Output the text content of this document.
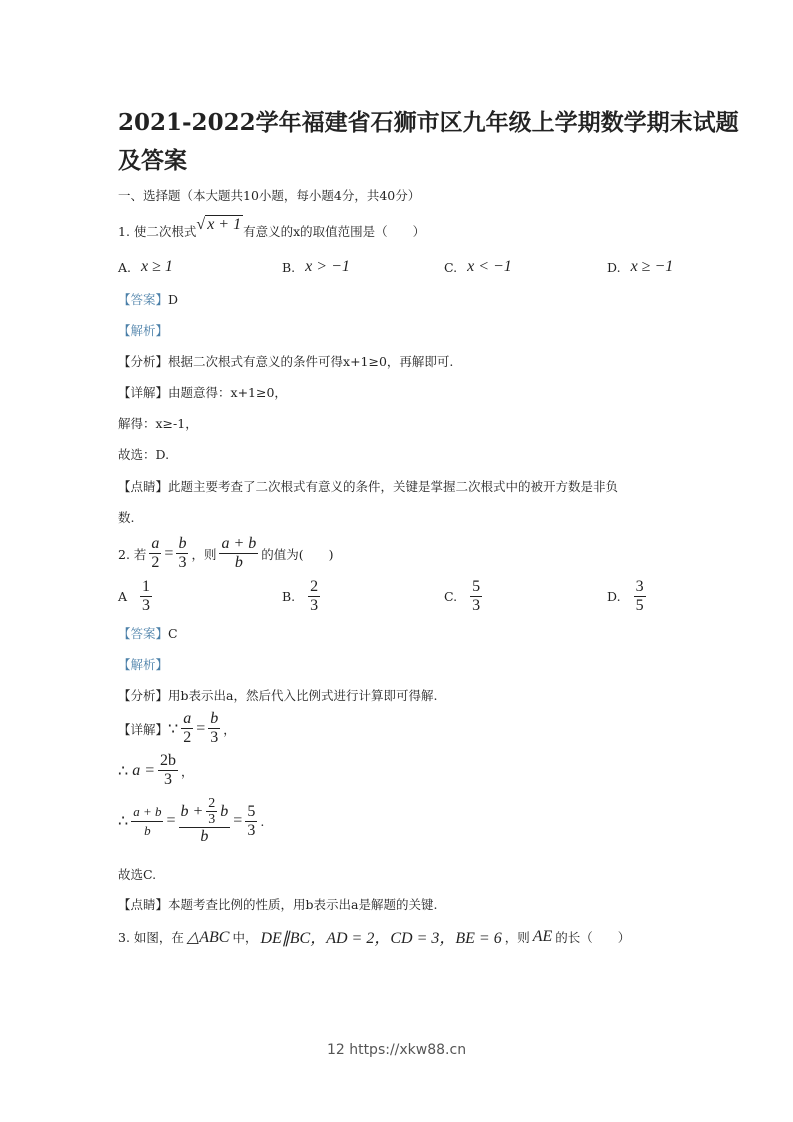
2021-2022学年福建省石狮市区九年级上学期数学期末试题
及答案
一、选择题（本大题共10小题，每小题4分，共40分）
1. 使二次根式 √ x + 1 有意义的x的取值范围是（　　）
A. x ≥ 1	B. x > −1	C. x < −1	D. x ≥ −1
【答案】 D
【解析】
【分析】 根据二次根式有意义的条件可得x+1≥0，再解即可.
【详解】 由题意得：x+1≥0，
解得：x≥-1，
故选：D.
【点睛】 此题主要考查了二次根式有意义的条件，关键是掌握二次根式中的被开方数是非负
数.
2. 若 $\frac{a}{2} = \frac{b}{3}$ ，则 $\frac{a + b}{b}$ 的值为(　　)
A $\frac{1}{3}$	B. $\frac{2}{3}$	C. $\frac{5}{3}$	D. $\frac{3}{5}$
【答案】 C
【解析】
【分析】 用b表示出a，然后代入比例式进行计算即可得解.
【详解】 ∵ $\frac{a}{2} = \frac{b}{3}$ ，
∴ $a = \frac{2b}{3}$ ，
∴ $\frac{a + b}{b} = \frac{b + \frac{2}{3} b}{b} = \frac{5}{3}$ .
故选C.
【点睛】 本题考查比例的性质，用b表示出a是解题的关键.
3. 如图，在 △ABC 中， DE∥BC，AD = 2，CD = 3，BE = 6 ，则 AE 的长（　　）
12 https://xkw88.cn
